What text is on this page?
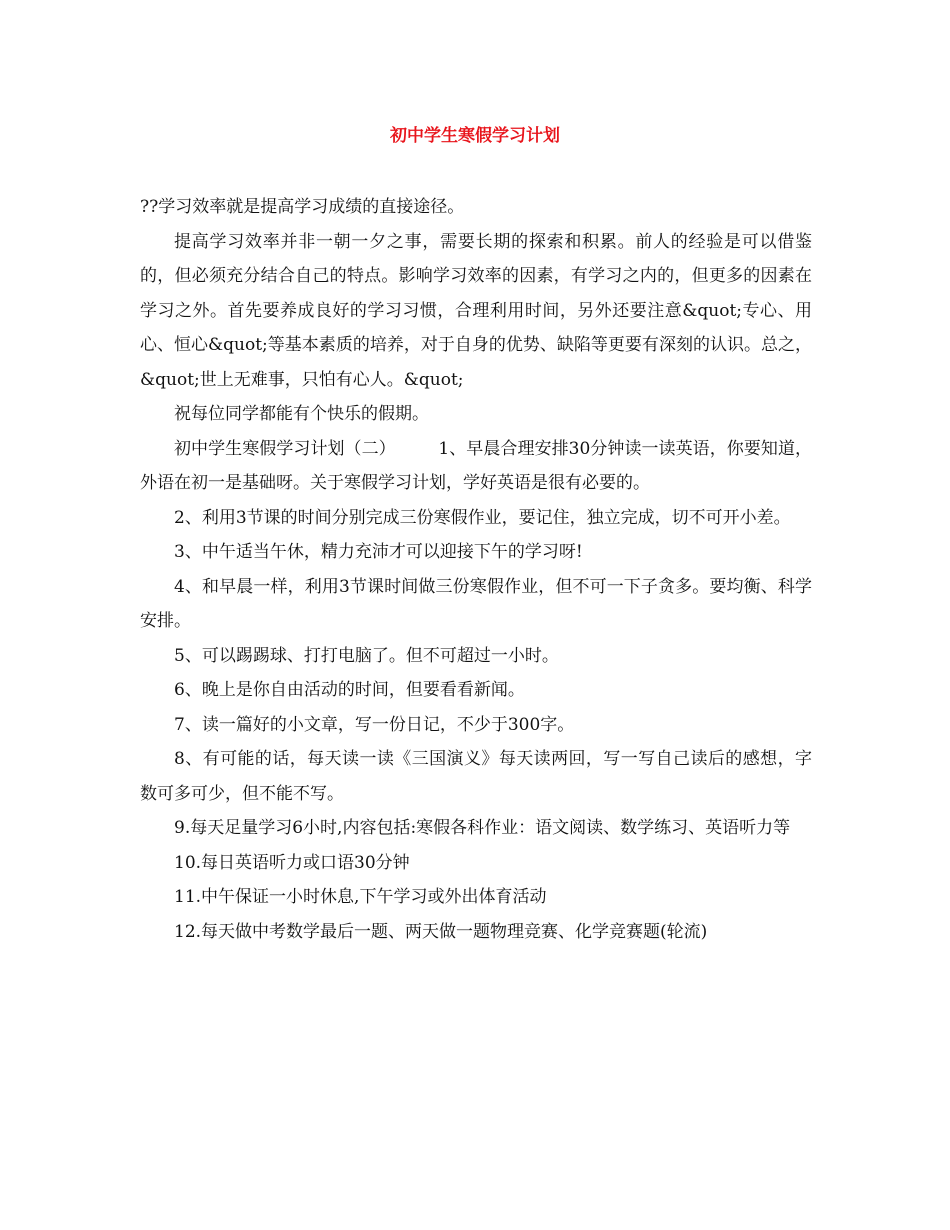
初中学生寒假学习计划

??学习效率就是提高学习成绩的直接途径。

提高学习效率并非一朝一夕之事，需要长期的探索和积累。前人的经验是可以借鉴的，但必须充分结合自己的特点。影响学习效率的因素，有学习之内的，但更多的因素在学习之外。首先要养成良好的学习习惯，合理利用时间，另外还要注意&quot;专心、用心、恒心&quot;等基本素质的培养，对于自身的优势、缺陷等更要有深刻的认识。总之，&quot;世上无难事，只怕有心人。&quot;

祝每位同学都能有个快乐的假期。

初中学生寒假学习计划（二）　　　1、早晨合理安排30分钟读一读英语，你要知道，外语在初一是基础呀。关于寒假学习计划，学好英语是很有必要的。

2、利用3节课的时间分别完成三份寒假作业，要记住，独立完成，切不可开小差。

3、中午适当午休，精力充沛才可以迎接下午的学习呀!

4、和早晨一样，利用3节课时间做三份寒假作业，但不可一下子贪多。要均衡、科学安排。

5、可以踢踢球、打打电脑了。但不可超过一小时。

6、晚上是你自由活动的时间，但要看看新闻。

7、读一篇好的小文章，写一份日记，不少于300字。

8、有可能的话，每天读一读《三国演义》每天读两回，写一写自己读后的感想，字数可多可少，但不能不写。

9.每天足量学习6小时,内容包括:寒假各科作业：语文阅读、数学练习、英语听力等

10.每日英语听力或口语30分钟

11.中午保证一小时休息,下午学习或外出体育活动

12.每天做中考数学最后一题、两天做一题物理竞赛、化学竞赛题(轮流)
